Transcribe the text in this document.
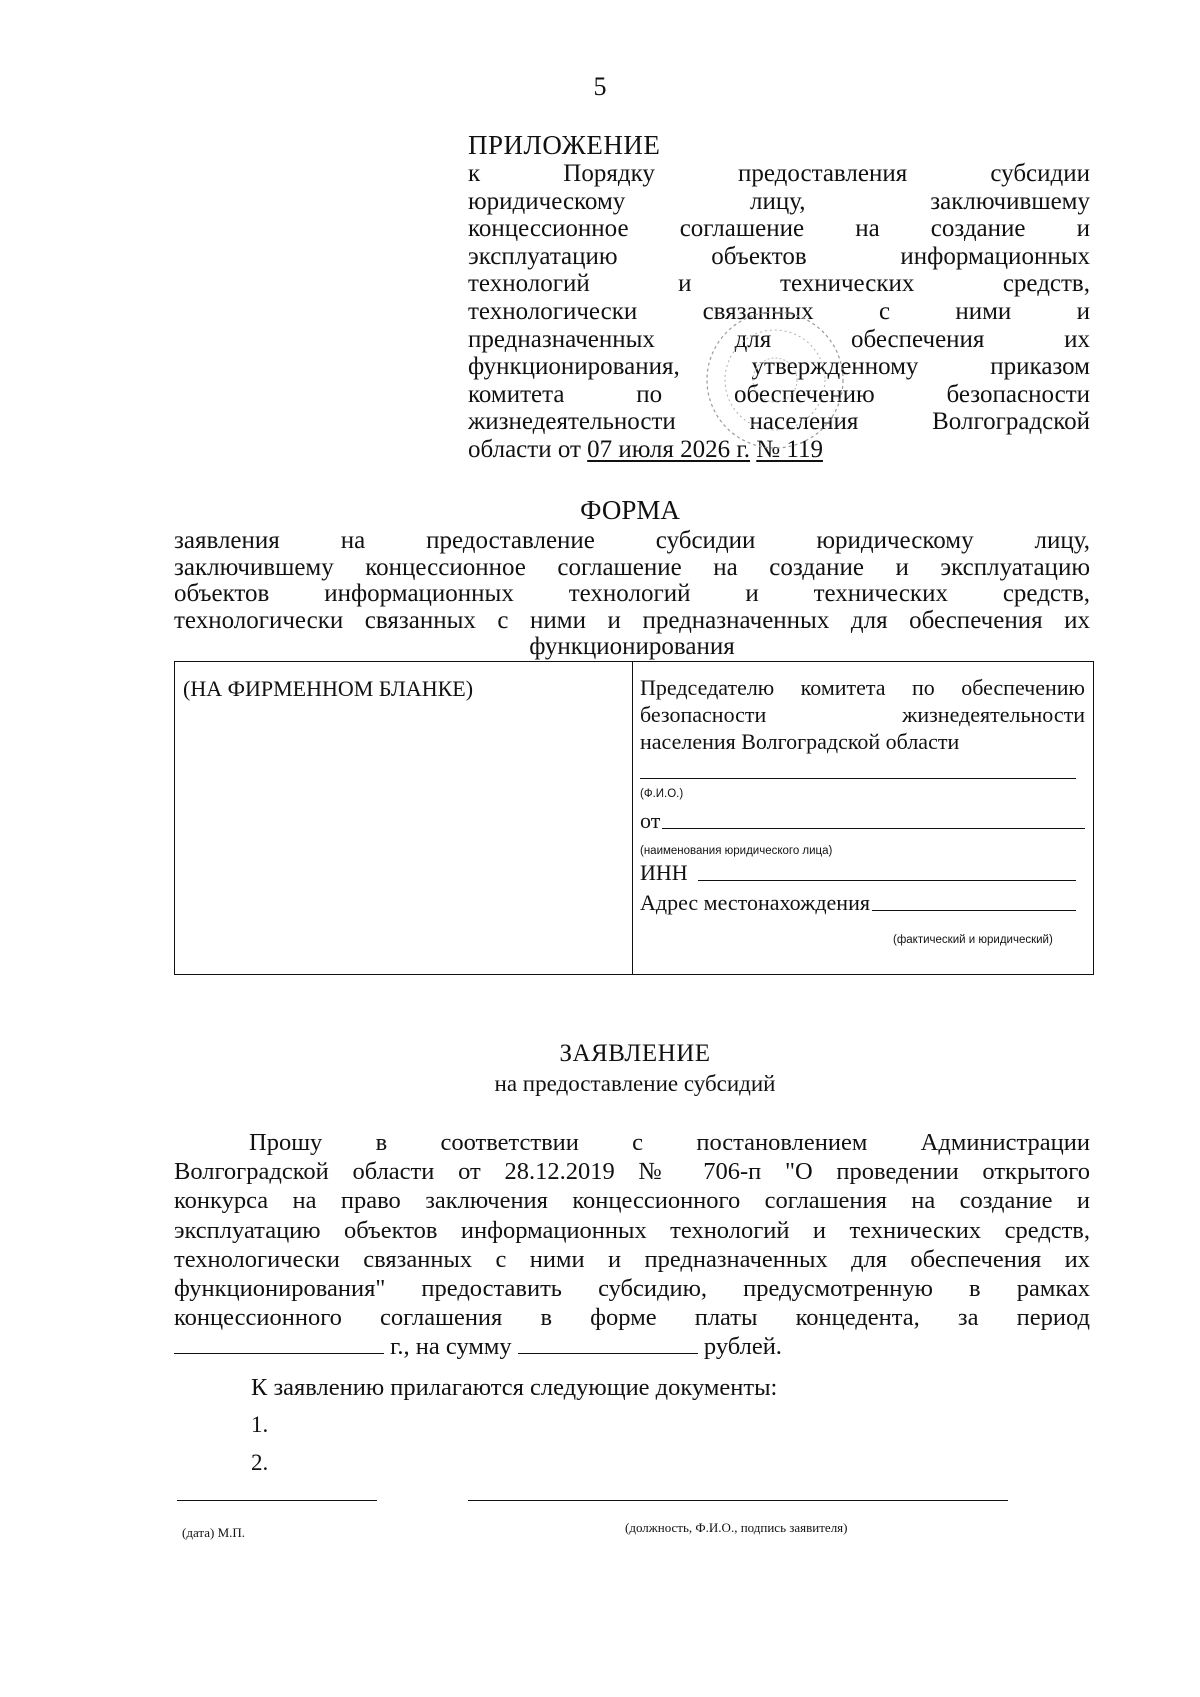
5
ПРИЛОЖЕНИЕ
к Порядку предоставления субсидии
юридическому лицу, заключившему
концессионное соглашение на создание и
эксплуатацию объектов информационных
технологий и технических средств,
технологически связанных с ними и
предназначенных для обеспечения их
функционирования, утвержденному приказом
комитета по обеспечению безопасности
жизнедеятельности населения Волгоградской
области от 07 июля 2026 г. № 119
ФОРМА
заявления на предоставление субсидии юридическому лицу,
заключившему концессионное соглашение на создание и эксплуатацию
объектов информационных технологий и технических средств,
технологически связанных с ними и предназначенных для обеспечения их
функционирования
(НА ФИРМЕННОМ БЛАНКЕ)	Председателю комитета по обеспечению
безопасности жизнедеятельности
населения Волгоградской области
(Ф.И.О.)
от
(наименования юридического лица)
ИНН
Адрес местонахождения
(фактический и юридический)
ЗАЯВЛЕНИЕ
на предоставление субсидий
Прошу в соответствии с постановлением Администрации
Волгоградской области от 28.12.2019 № 706-п "О проведении открытого
конкурса на право заключения концессионного соглашения на создание и
эксплуатацию объектов информационных технологий и технических средств,
технологически связанных с ними и предназначенных для обеспечения их
функционирования" предоставить субсидию, предусмотренную в рамках
концессионного соглашения в форме платы концедента, за период
г., на сумму	рублей.
К заявлению прилагаются следующие документы:
1.
2.
(дата) М.П.	(должность, Ф.И.О., подпись заявителя)
